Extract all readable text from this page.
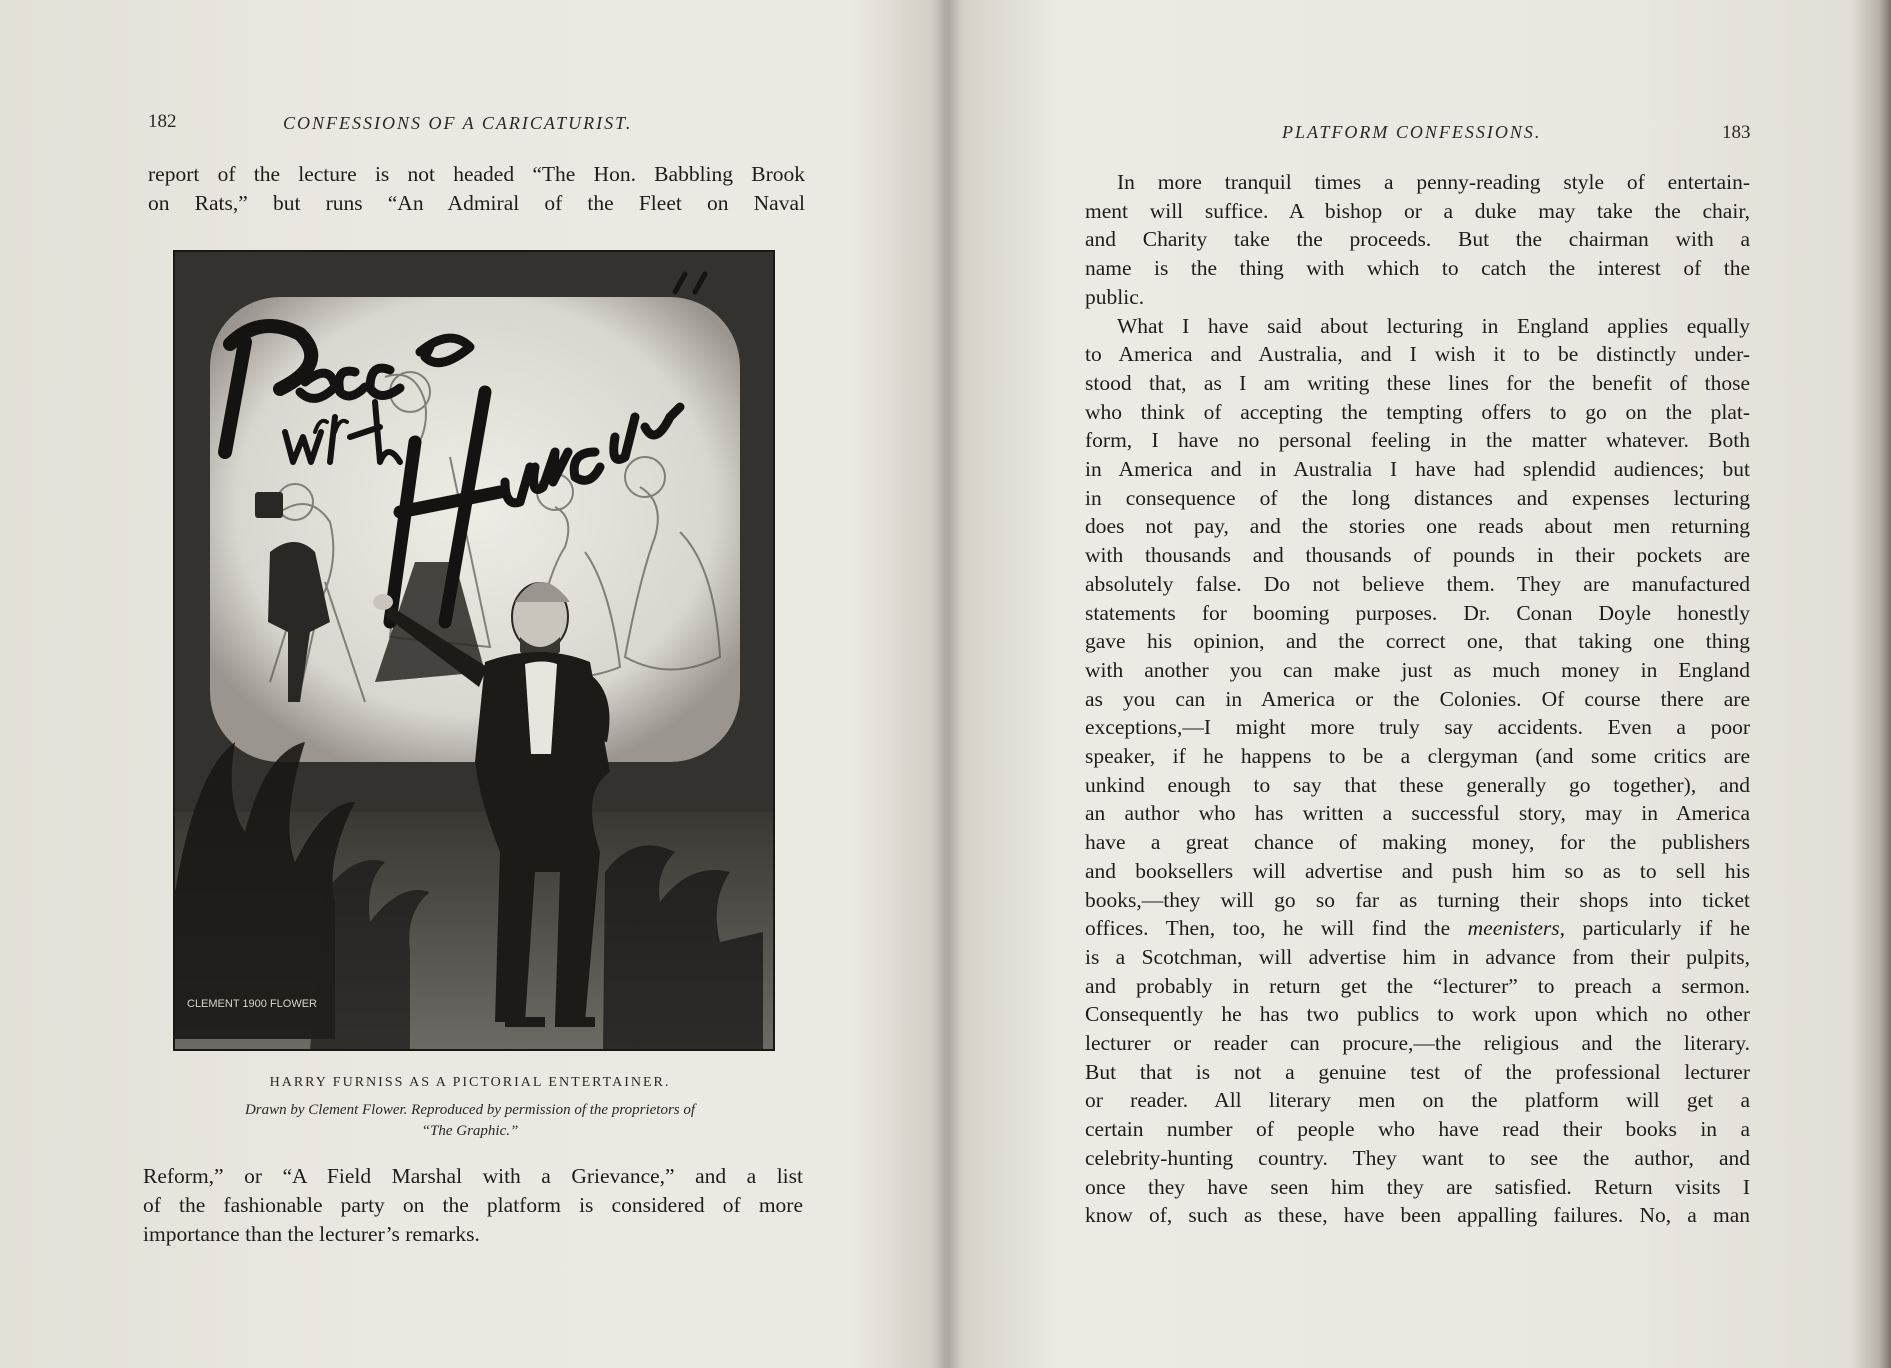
182	CONFESSIONS OF A CARICATURIST.
report of the lecture is not headed “The Hon. Babbling Brook
on Rats,” but runs “An Admiral of the Fleet on Naval
CLEMENT 1900 FLOWER
HARRY FURNISS AS A PICTORIAL ENTERTAINER.
Drawn by Clement Flower. Reproduced by permission of the proprietors of
“The Graphic.”
Reform,” or “A Field Marshal with a Grievance,” and a list
of the fashionable party on the platform is considered of more
importance than the lecturer’s remarks.
PLATFORM CONFESSIONS.	183
In more tranquil times a penny-reading style of entertain-
ment will suffice. A bishop or a duke may take the chair,
and Charity take the proceeds. But the chairman with a
name is the thing with which to catch the interest of the
public.
What I have said about lecturing in England applies equally
to America and Australia, and I wish it to be distinctly under-
stood that, as I am writing these lines for the benefit of those
who think of accepting the tempting offers to go on the plat-
form, I have no personal feeling in the matter whatever. Both
in America and in Australia I have had splendid audiences; but
in consequence of the long distances and expenses lecturing
does not pay, and the stories one reads about men returning
with thousands and thousands of pounds in their pockets are
absolutely false. Do not believe them. They are manufactured
statements for booming purposes. Dr. Conan Doyle honestly
gave his opinion, and the correct one, that taking one thing
with another you can make just as much money in England
as you can in America or the Colonies. Of course there are
exceptions,—I might more truly say accidents. Even a poor
speaker, if he happens to be a clergyman (and some critics are
unkind enough to say that these generally go together), and
an author who has written a successful story, may in America
have a great chance of making money, for the publishers
and booksellers will advertise and push him so as to sell his
books,—they will go so far as turning their shops into ticket
offices. Then, too, he will find the meenisters, particularly if he
is a Scotchman, will advertise him in advance from their pulpits,
and probably in return get the “lecturer” to preach a sermon.
Consequently he has two publics to work upon which no other
lecturer or reader can procure,—the religious and the literary.
But that is not a genuine test of the professional lecturer
or reader. All literary men on the platform will get a
certain number of people who have read their books in a
celebrity-hunting country. They want to see the author, and
once they have seen him they are satisfied. Return visits I
know of, such as these, have been appalling failures. No, a man
